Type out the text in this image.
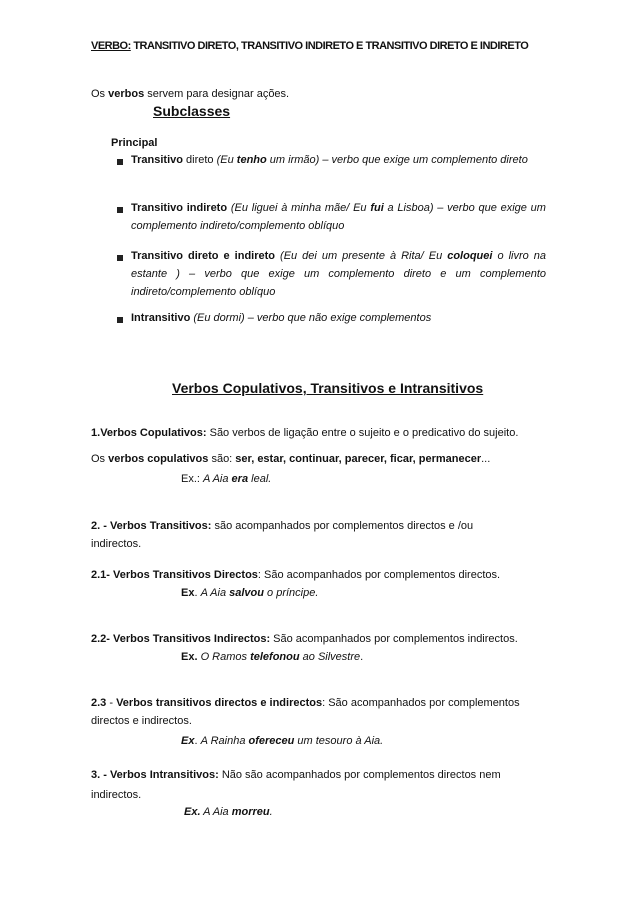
VERBO: TRANSITIVO DIRETO, TRANSITIVO INDIRETO E TRANSITIVO DIRETO E INDIRETO
Os verbos servem para designar ações.
Subclasses
Principal
Transitivo direto (Eu tenho um irmão) – verbo que exige um complemento direto
Transitivo indireto (Eu liguei à minha mãe/ Eu fui a Lisboa) – verbo que exige um complemento indireto/complemento oblíquo
Transitivo direto e indireto (Eu dei um presente à Rita/ Eu coloquei o livro na estante ) – verbo que exige um complemento direto e um complemento indireto/complemento oblíquo
Intransitivo (Eu dormi) – verbo que não exige complementos
Verbos Copulativos, Transitivos e Intransitivos
1.Verbos Copulativos: São verbos de ligação entre o sujeito e o predicativo do sujeito.
Os verbos copulativos são: ser, estar, continuar, parecer, ficar, permanecer...
Ex.: A Aia era leal.
2. - Verbos Transitivos: são acompanhados por complementos directos e /ou
indirectos.
2.1- Verbos Transitivos Directos: São acompanhados por complementos directos.
Ex. A Aia salvou o príncipe.
2.2- Verbos Transitivos Indirectos: São acompanhados por complementos indirectos.
Ex. O Ramos telefonou ao Silvestre.
2.3 - Verbos transitivos directos e indirectos: São acompanhados por complementos
directos e indirectos.
Ex. A Rainha ofereceu um tesouro à Aia.
3. - Verbos Intransitivos: Não são acompanhados por complementos directos nem
indirectos.
Ex. A Aia morreu.
